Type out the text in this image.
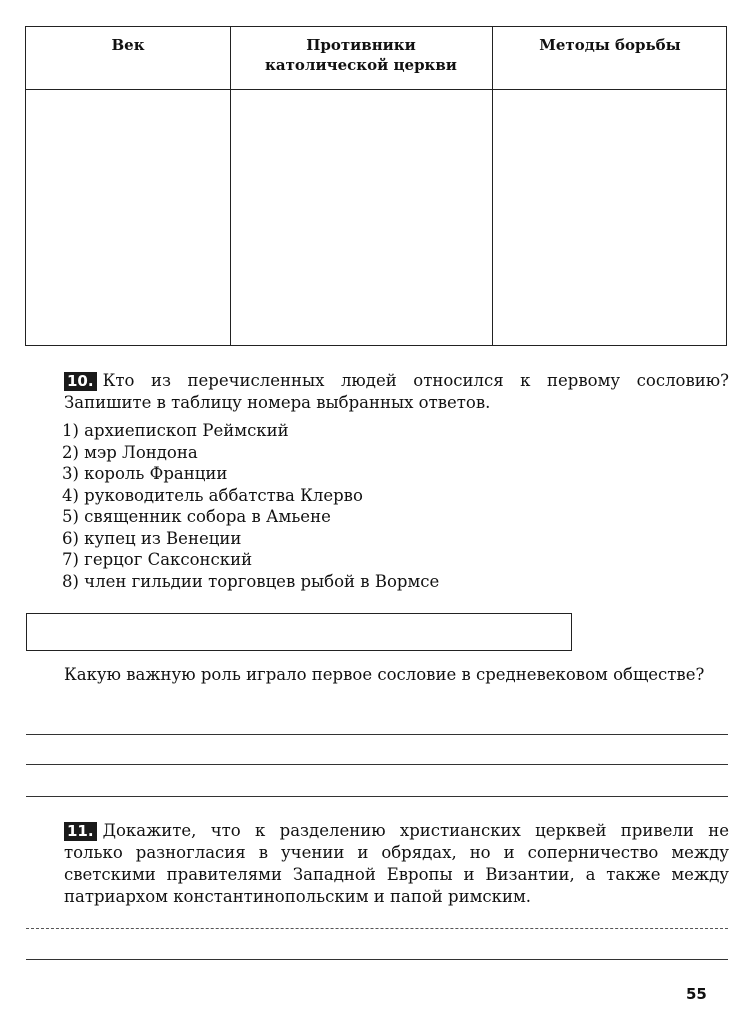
Век	Противники
католической церкви
Методы борьбы
10. Кто из перечисленных людей относился к первому сословию? Запишите в таблицу номера выбранных ответов.
1) архиепископ Реймский
2) мэр Лондона
3) король Франции
4) руководитель аббатства Клерво
5) священник собора в Амьене
6) купец из Венеции
7) герцог Саксонский
8) член гильдии торговцев рыбой в Вормсе
Какую важную роль играло первое сословие в средневековом обществе?
11. Докажите, что к разделению христианских церквей привели не только разногласия в учении и обрядах, но и соперничество между светскими правителями Западной Европы и Византии, а также между патриархом константинопольским и папой римским.
55
